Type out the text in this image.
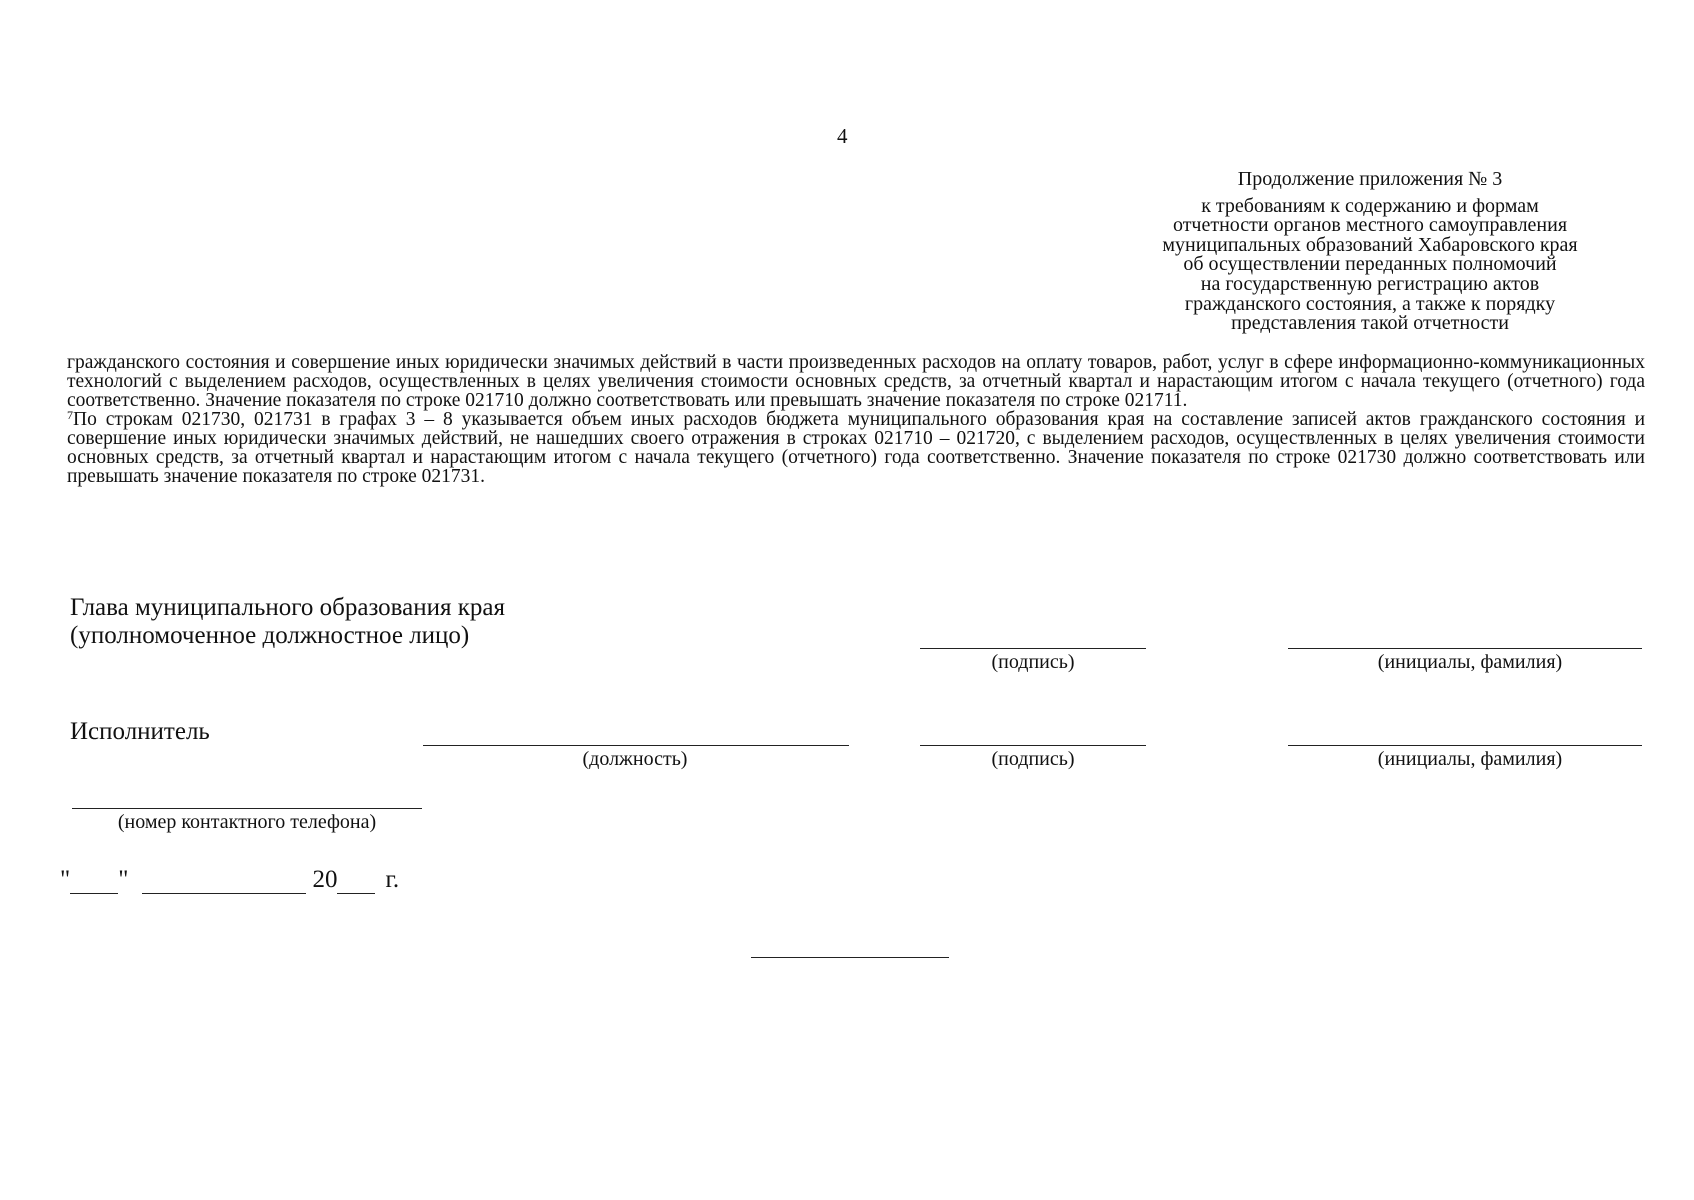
4
Продолжение приложения № 3
к требованиям к содержанию и формам
отчетности органов местного самоуправления
муниципальных образований Хабаровского края
об осуществлении переданных полномочий
на государственную регистрацию актов
гражданского состояния, а также к порядку
представления такой отчетности

гражданского состояния и совершение иных юридически значимых действий в части произведенных расходов на оплату товаров, работ, услуг в сфере информационно-коммуникационных технологий с выделением расходов, осуществленных в целях увеличения стоимости основных средств, за отчетный квартал и нарастающим итогом с начала текущего (отчетного) года соответственно. Значение показателя по строке 021710 должно соответствовать или превышать значение показателя по строке 021711.

$^7$По строкам 021730, 021731 в графах 3 – 8 указывается объем иных расходов бюджета муниципального образования края на составление записей актов гражданского состояния и совершение иных юридически значимых действий, не нашедших своего отражения в строках 021710 – 021720, с выделением расходов, осуществленных в целях увеличения стоимости основных средств, за отчетный квартал и нарастающим итогом с начала текущего (отчетного) года соответственно. Значение показателя по строке 021730 должно соответствовать или превышать значение показателя по строке 021731.

Глава муниципального образования края
(уполномоченное должностное лицо)
(подпись)	(инициалы, фамилия)
Исполнитель
(должность)	(подпись)	(инициалы, фамилия)
(номер контактного телефона)
" "	20 г.
